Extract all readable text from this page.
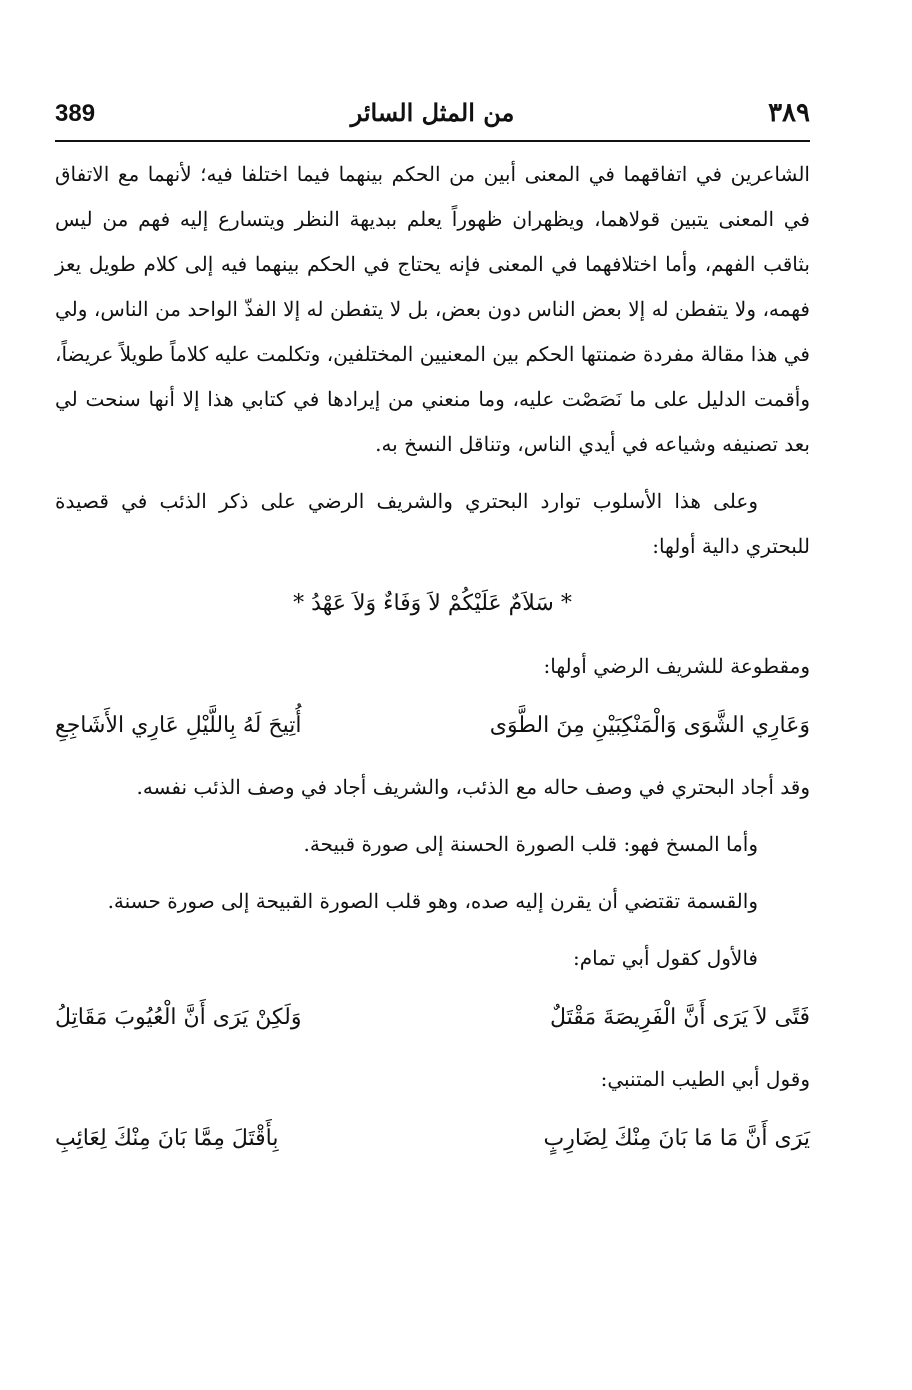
389	من المثل السائر	٣٨٩

الشاعرين في اتفاقهما في المعنى أبين من الحكم بينهما فيما اختلفا فيه؛ لأنهما مع الاتفاق في المعنى يتبين قولاهما، ويظهران ظهوراً يعلم ببديهة النظر ويتسارع إليه فهم من ليس بثاقب الفهم، وأما اختلافهما في المعنى فإنه يحتاج في الحكم بينهما فيه إلى كلام طويل يعز فهمه، ولا يتفطن له إلا بعض الناس دون بعض، بل لا يتفطن له إلا الفذّ الواحد من الناس، ولي في هذا مقالة مفردة ضمنتها الحكم بين المعنيين المختلفين، وتكلمت عليه كلاماً طويلاً عريضاً، وأقمت الدليل على ما نَصَصْت عليه، وما منعني من إيرادها في كتابي هذا إلا أنها سنحت لي بعد تصنيفه وشياعه في أيدي الناس، وتناقل النسخ به.

وعلى هذا الأسلوب توارد البحتري والشريف الرضي على ذكر الذئب في قصيدة للبحتري دالية أولها:

* سَلاَمٌ عَلَيْكُمْ لاَ وَفَاءٌ وَلاَ عَهْدُ *

ومقطوعة للشريف الرضي أولها:

وَعَارِي الشَّوَى وَالْمَنْكِبَيْنِ مِنَ الطَّوَى
أُتِيحَ لَهُ بِاللَّيْلِ عَارِي الأَشَاجِعِ

وقد أجاد البحتري في وصف حاله مع الذئب، والشريف أجاد في وصف الذئب نفسه.

وأما المسخ فهو: قلب الصورة الحسنة إلى صورة قبيحة.

والقسمة تقتضي أن يقرن إليه صده، وهو قلب الصورة القبيحة إلى صورة حسنة.

فالأول كقول أبي تمام:

فَتًى لاَ يَرَى أَنَّ الْفَرِيصَةَ مَقْتَلٌ
وَلَكِنْ يَرَى أَنَّ الْعُيُوبَ مَقَاتِلُ

وقول أبي الطيب المتنبي:

يَرَى أَنَّ مَا مَا بَانَ مِنْكَ لِضَارِبٍ
بِأَقْتَلَ مِمَّا بَانَ مِنْكَ لِعَائِبِ
